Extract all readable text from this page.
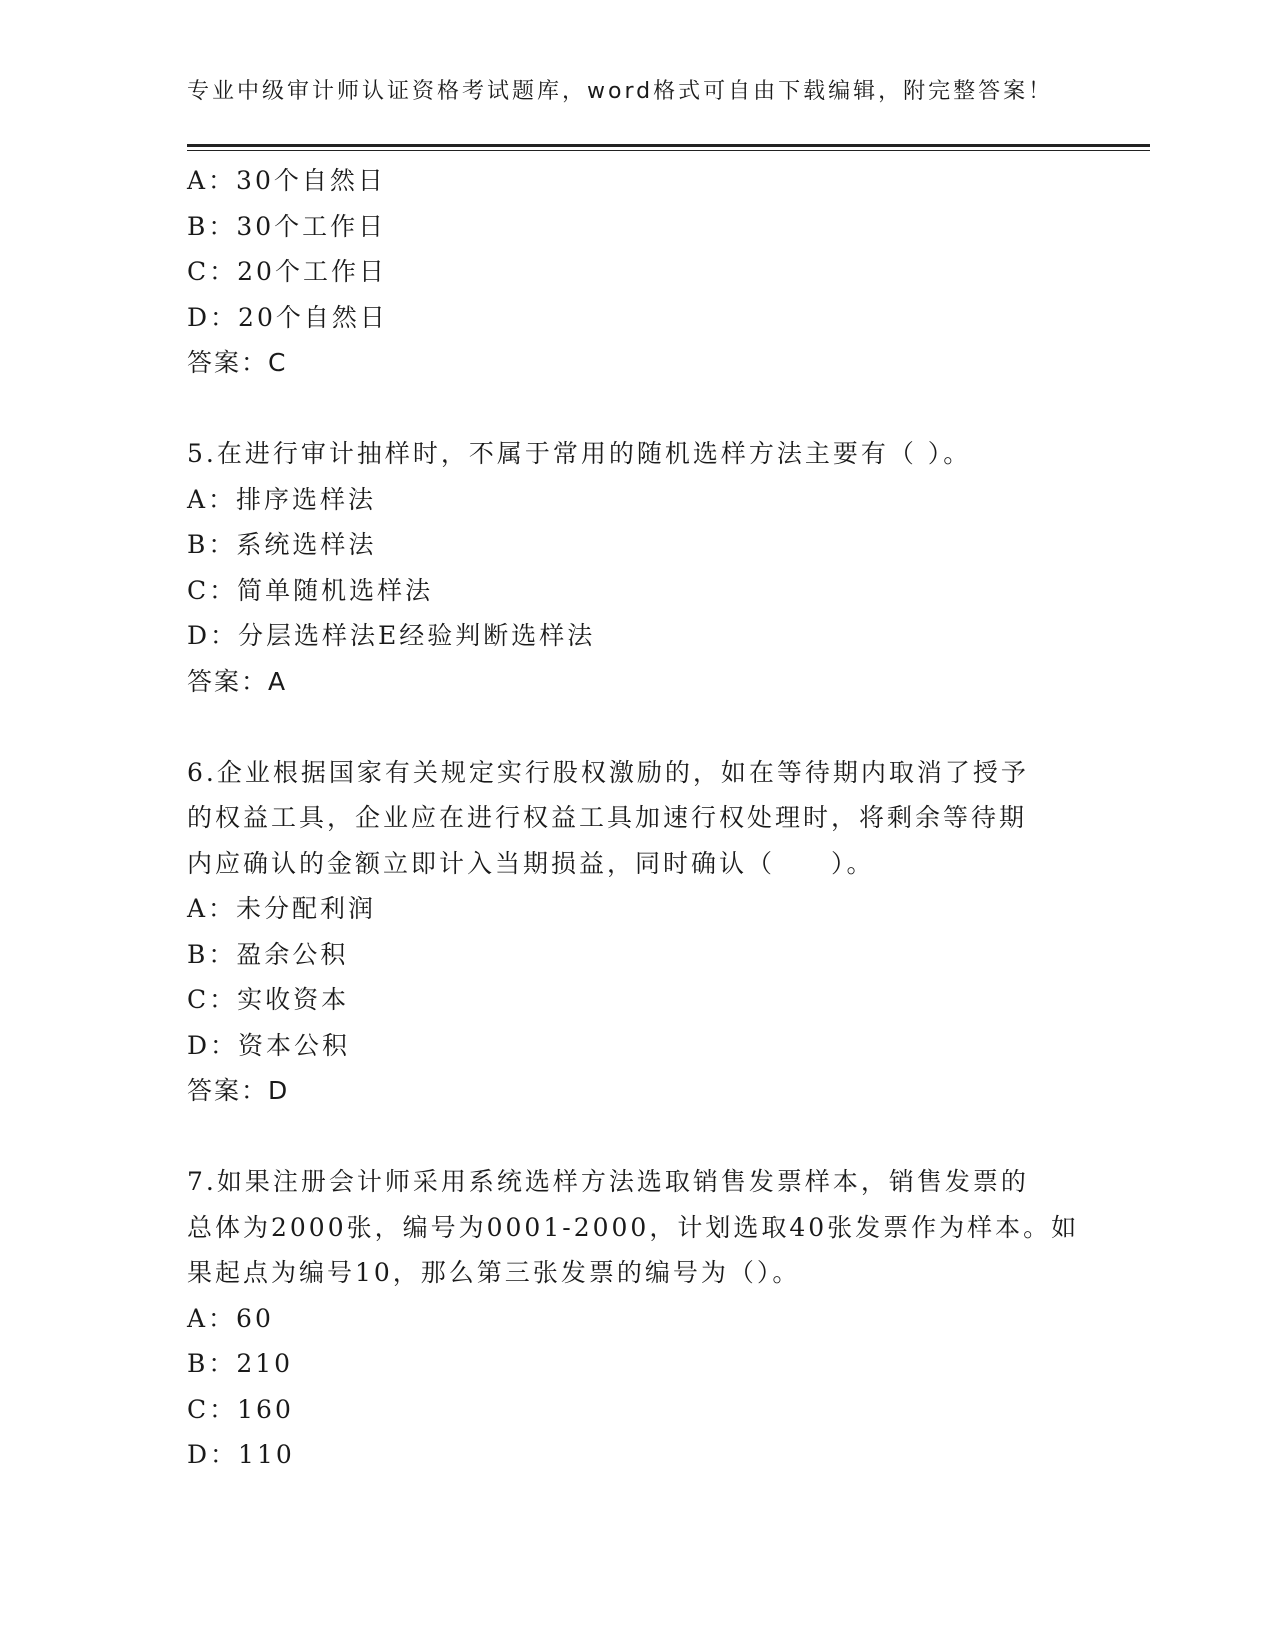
专业中级审计师认证资格考试题库，word格式可自由下载编辑，附完整答案！
A：30个自然日
B：30个工作日
C：20个工作日
D：20个自然日
答案：C
5.在进行审计抽样时，不属于常用的随机选样方法主要有（ ）。
A：排序选样法
B：系统选样法
C：简单随机选样法
D：分层选样法E经验判断选样法
答案：A
6.企业根据国家有关规定实行股权激励的，如在等待期内取消了授予
的权益工具，企业应在进行权益工具加速行权处理时，将剩余等待期
内应确认的金额立即计入当期损益，同时确认（　　）。
A：未分配利润
B：盈余公积
C：实收资本
D：资本公积
答案：D
7.如果注册会计师采用系统选样方法选取销售发票样本，销售发票的
总体为2000张，编号为0001-2000，计划选取40张发票作为样本。如
果起点为编号10，那么第三张发票的编号为（）。
A：60
B：210
C：160
D：110
